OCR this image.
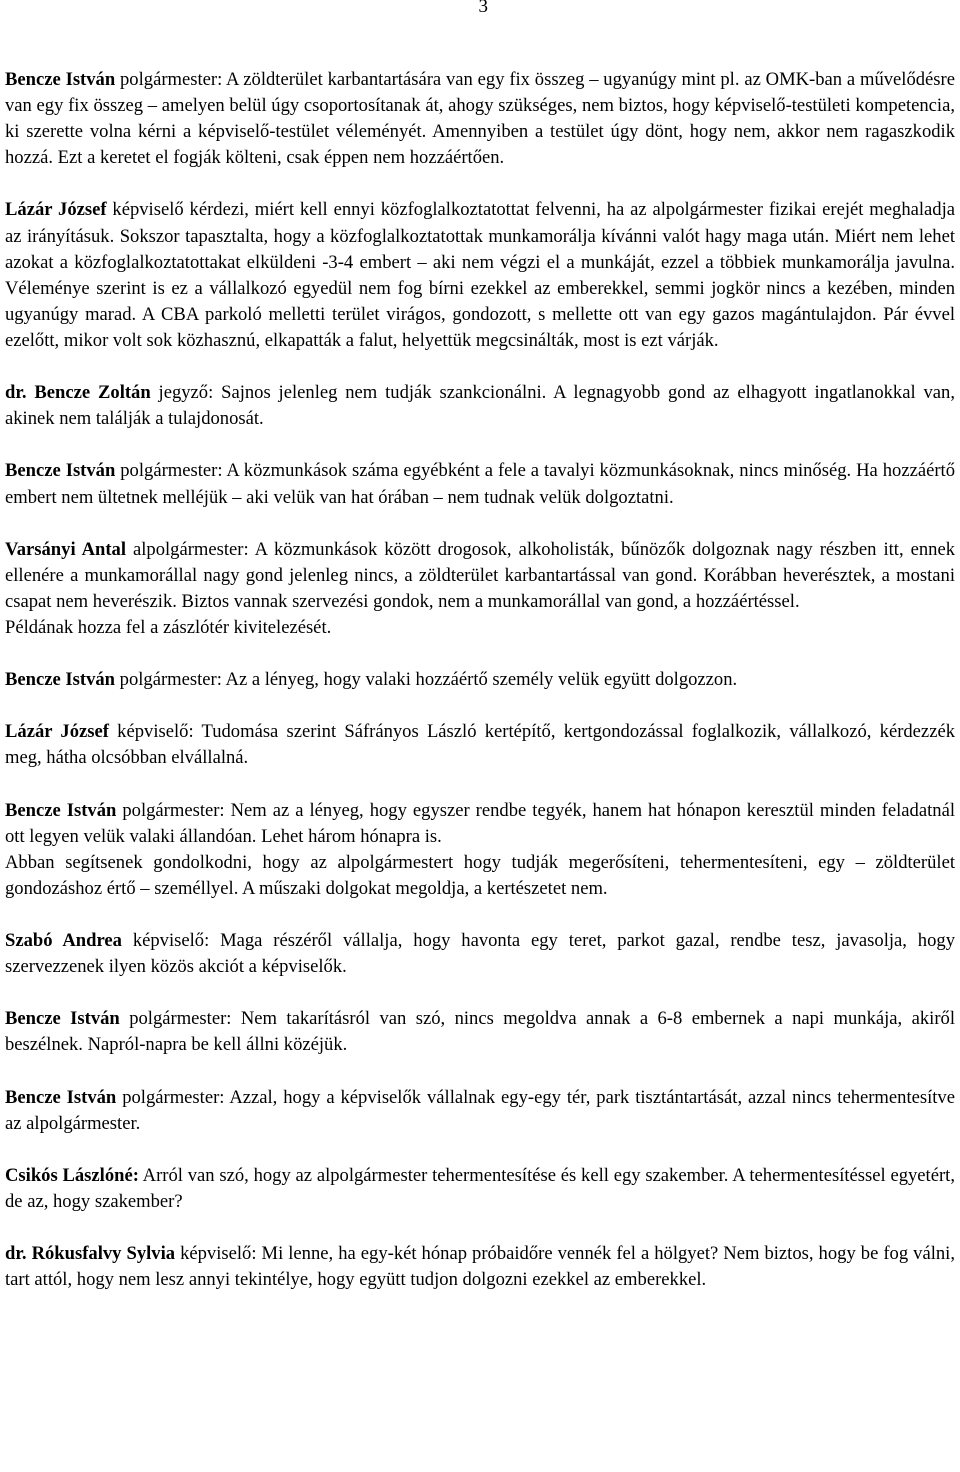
3

Bencze István polgármester: A zöldterület karbantartására van egy fix összeg – ugyanúgy mint pl. az OMK-ban a művelődésre van egy fix összeg – amelyen belül úgy csoportosítanak át, ahogy szükséges, nem biztos, hogy képviselő-testületi kompetencia, ki szerette volna kérni a képviselő-testület véleményét. Amennyiben a testület úgy dönt, hogy nem, akkor nem ragaszkodik hozzá. Ezt a keretet el fogják költeni, csak éppen nem hozzáértően.

Lázár József képviselő kérdezi, miért kell ennyi közfoglalkoztatottat felvenni, ha az alpolgármester fizikai erejét meghaladja az irányításuk. Sokszor tapasztalta, hogy a közfoglalkoztatottak munkamorálja kívánni valót hagy maga után. Miért nem lehet azokat a közfoglalkoztatottakat elküldeni -3-4 embert – aki nem végzi el a munkáját, ezzel a többiek munkamorálja javulna. Véleménye szerint is ez a vállalkozó egyedül nem fog bírni ezekkel az emberekkel, semmi jogkör nincs a kezében, minden ugyanúgy marad. A CBA parkoló melletti terület virágos, gondozott, s mellette ott van egy gazos magántulajdon. Pár évvel ezelőtt, mikor volt sok közhasznú, elkapatták a falut, helyettük megcsinálták, most is ezt várják.

dr. Bencze Zoltán jegyző: Sajnos jelenleg nem tudják szankcionálni. A legnagyobb gond az elhagyott ingatlanokkal van, akinek nem találják a tulajdonosát.

Bencze István polgármester: A közmunkások száma egyébként a fele a tavalyi közmunkásoknak, nincs minőség. Ha hozzáértő embert nem ültetnek melléjük – aki velük van hat órában – nem tudnak velük dolgoztatni.

Varsányi Antal alpolgármester: A közmunkások között drogosok, alkoholisták, bűnözők dolgoznak nagy részben itt, ennek ellenére a munkamorállal nagy gond jelenleg nincs, a zöldterület karbantartással van gond. Korábban heverésztek, a mostani csapat nem heverészik. Biztos vannak szervezési gondok, nem a munkamorállal van gond, a hozzáértéssel.

Példának hozza fel a zászlótér kivitelezését.

Bencze István polgármester: Az a lényeg, hogy valaki hozzáértő személy velük együtt dolgozzon.

Lázár József képviselő: Tudomása szerint Sáfrányos László kertépítő, kertgondozással foglalkozik, vállalkozó, kérdezzék meg, hátha olcsóbban elvállalná.

Bencze István polgármester: Nem az a lényeg, hogy egyszer rendbe tegyék, hanem hat hónapon keresztül minden feladatnál ott legyen velük valaki állandóan. Lehet három hónapra is.

Abban segítsenek gondolkodni, hogy az alpolgármestert hogy tudják megerősíteni, tehermentesíteni, egy – zöldterület gondozáshoz értő – személlyel. A műszaki dolgokat megoldja, a kertészetet nem.

Szabó Andrea képviselő: Maga részéről vállalja, hogy havonta egy teret, parkot gazal, rendbe tesz, javasolja, hogy szervezzenek ilyen közös akciót a képviselők.

Bencze István polgármester: Nem takarításról van szó, nincs megoldva annak a 6-8 embernek a napi munkája, akiről beszélnek. Napról-napra be kell állni közéjük.

Bencze István polgármester: Azzal, hogy a képviselők vállalnak egy-egy tér, park tisztántartását, azzal nincs tehermentesítve az alpolgármester.

Csikós Lászlóné: Arról van szó, hogy az alpolgármester tehermentesítése és kell egy szakember. A tehermentesítéssel egyetért, de az, hogy szakember?

dr. Rókusfalvy Sylvia képviselő: Mi lenne, ha egy-két hónap próbaidőre vennék fel a hölgyet? Nem biztos, hogy be fog válni, tart attól, hogy nem lesz annyi tekintélye, hogy együtt tudjon dolgozni ezekkel az emberekkel.
